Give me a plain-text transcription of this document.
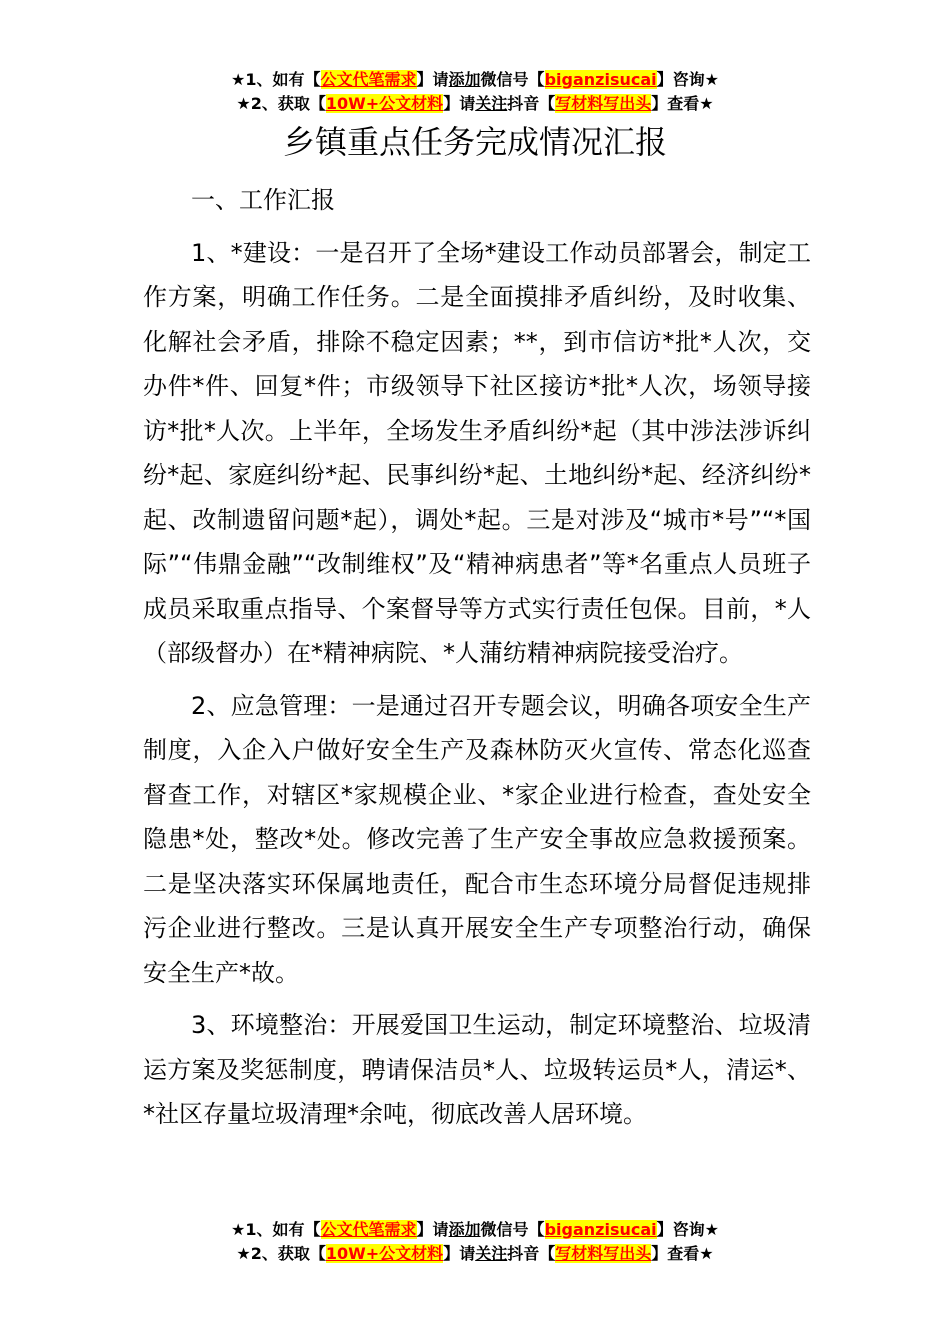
★1、如有【公文代笔需求】请添加微信号【biganzisucai】咨询★
★2、获取【10W+公文材料】请关注抖音【写材料写出头】查看★
乡镇重点任务完成情况汇报

一、工作汇报

1、*建设：一是召开了全场*建设工作动员部署会，制定工作方案，明确工作任务。二是全面摸排矛盾纠纷，及时收集、化解社会矛盾，排除不稳定因素；**，到市信访*批*人次，交办件*件、回复*件；市级领导下社区接访*批*人次，场领导接访*批*人次。上半年，全场发生矛盾纠纷*起（其中涉法涉诉纠纷*起、家庭纠纷*起、民事纠纷*起、土地纠纷*起、经济纠纷*起、改制遗留问题*起），调处*起。三是对涉及“城市*号”“*国际”“伟鼎金融”“改制维权”及“精神病患者”等*名重点人员班子成员采取重点指导、个案督导等方式实行责任包保。目前，*人（部级督办）在*精神病院、*人蒲纺精神病院接受治疗。

2、应急管理：一是通过召开专题会议，明确各项安全生产制度，入企入户做好安全生产及森林防灭火宣传、常态化巡查督查工作，对辖区*家规模企业、*家企业进行检查，查处安全隐患*处，整改*处。修改完善了生产安全事故应急救援预案。二是坚决落实环保属地责任，配合市生态环境分局督促违规排污企业进行整改。三是认真开展安全生产专项整治行动，确保安全生产*故。

3、环境整治：开展爱国卫生运动，制定环境整治、垃圾清运方案及奖惩制度，聘请保洁员*人、垃圾转运员*人，清运*、*社区存量垃圾清理*余吨，彻底改善人居环境。

★1、如有【公文代笔需求】请添加微信号【biganzisucai】咨询★
★2、获取【10W+公文材料】请关注抖音【写材料写出头】查看★
